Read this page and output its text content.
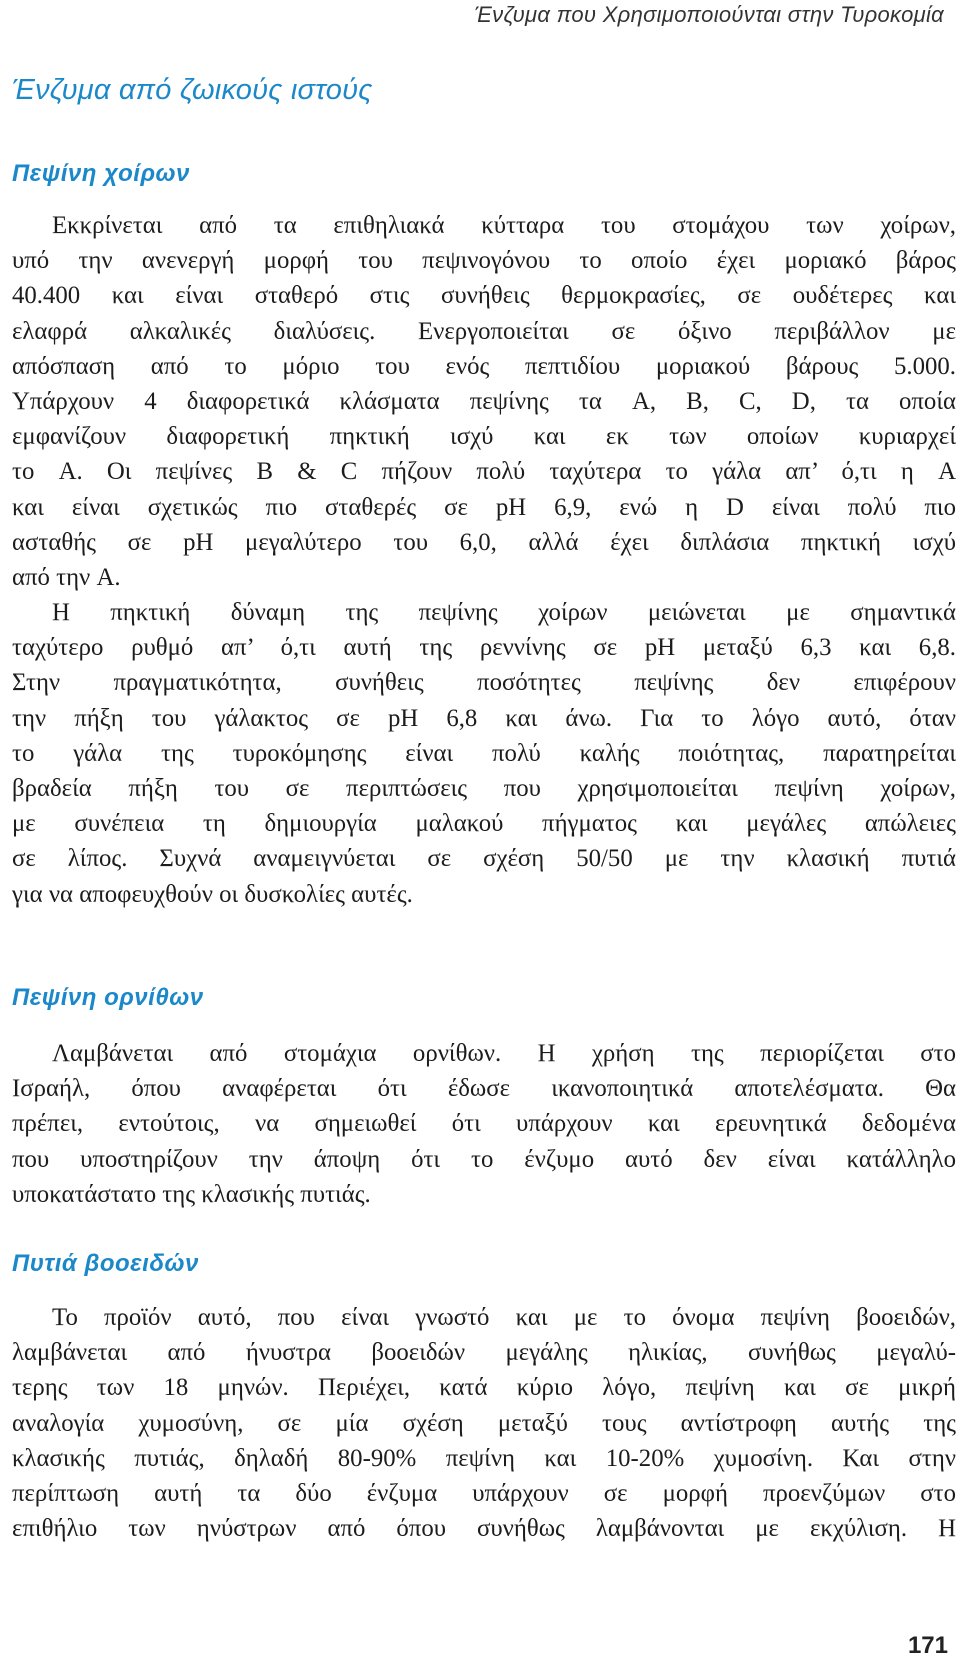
Ένζυμα που Χρησιμοποιούνται στην Τυροκομία
Ένζυμα από ζωικούς ιστούς
Πεψίνη χοίρων
Εκκρίνεται από τα επιθηλιακά κύτταρα του στομάχου των χοίρων,
υπό την ανενεργή μορφή του πεψινογόνου το οποίο έχει μοριακό βάρος
40.400 και είναι σταθερό στις συνήθεις θερμοκρασίες, σε ουδέτερες και
ελαφρά αλκαλικές διαλύσεις. Ενεργοποιείται σε όξινο περιβάλλον με
απόσπαση από το μόριο του ενός πεπτιδίου μοριακού βάρους 5.000.
Υπάρχουν 4 διαφορετικά κλάσματα πεψίνης τα A, B, C, D, τα οποία
εμφανίζουν διαφορετική πηκτική ισχύ και εκ των οποίων κυριαρχεί
το A. Οι πεψίνες B & C πήζουν πολύ ταχύτερα το γάλα απ’ ό,τι η A
και είναι σχετικώς πιο σταθερές σε pH 6,9, ενώ η D είναι πολύ πιο
ασταθής σε pH μεγαλύτερο του 6,0, αλλά έχει διπλάσια πηκτική ισχύ
από την A.
Η πηκτική δύναμη της πεψίνης χοίρων μειώνεται με σημαντικά
ταχύτερο ρυθμό απ’ ό,τι αυτή της ρεννίνης σε pH μεταξύ 6,3 και 6,8.
Στην πραγματικότητα, συνήθεις ποσότητες πεψίνης δεν επιφέρουν
την πήξη του γάλακτος σε pH 6,8 και άνω. Για το λόγο αυτό, όταν
το γάλα της τυροκόμησης είναι πολύ καλής ποιότητας, παρατηρείται
βραδεία πήξη του σε περιπτώσεις που χρησιμοποιείται πεψίνη χοίρων,
με συνέπεια τη δημιουργία μαλακού πήγματος και μεγάλες απώλειες
σε λίπος. Συχνά αναμειγνύεται σε σχέση 50/50 με την κλασική πυτιά
για να αποφευχθούν οι δυσκολίες αυτές.
Πεψίνη ορνίθων
Λαμβάνεται από στομάχια ορνίθων. Η χρήση της περιορίζεται στο
Ισραήλ, όπου αναφέρεται ότι έδωσε ικανοποιητικά αποτελέσματα. Θα
πρέπει, εντούτοις, να σημειωθεί ότι υπάρχουν και ερευνητικά δεδομένα
που υποστηρίζουν την άποψη ότι το ένζυμο αυτό δεν είναι κατάλληλο
υποκατάστατο της κλασικής πυτιάς.
Πυτιά βοοειδών
Το προϊόν αυτό, που είναι γνωστό και με το όνομα πεψίνη βοοειδών,
λαμβάνεται από ήνυστρα βοοειδών μεγάλης ηλικίας, συνήθως μεγαλύ-
τερης των 18 μηνών. Περιέχει, κατά κύριο λόγο, πεψίνη και σε μικρή
αναλογία χυμοσύνη, σε μία σχέση μεταξύ τους αντίστροφη αυτής της
κλασικής πυτιάς, δηλαδή 80-90% πεψίνη και 10-20% χυμοσίνη. Και στην
περίπτωση αυτή τα δύο ένζυμα υπάρχουν σε μορφή προενζύμων στο
επιθήλιο των ηνύστρων από όπου συνήθως λαμβάνονται με εκχύλιση. Η
171
